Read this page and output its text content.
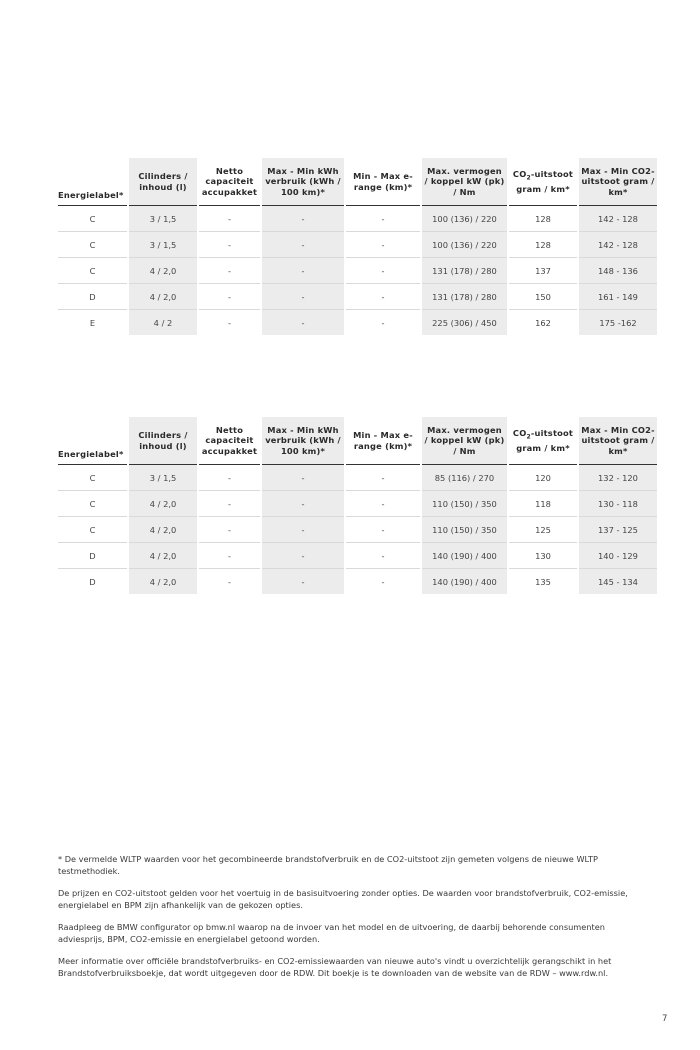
Energielabel*	Cilinders / inhoud (l)	Netto capaciteit accupakket	Max - Min kWh verbruik (kWh / 100 km)*	Min - Max e-range (km)*	Max. vermogen / koppel kW (pk) / Nm	$CO_2$-uitstoot
gram / km*	Max - Min CO2-uitstoot gram / km*
C	3 / 1,5	-	-	-	100 (136) / 220	128	142 - 128
C	3 / 1,5	-	-	-	100 (136) / 220	128	142 - 128
C	4 / 2,0	-	-	-	131 (178) / 280	137	148 - 136
D	4 / 2,0	-	-	-	131 (178) / 280	150	161 - 149
E	4 / 2	-	-	-	225 (306) / 450	162	175 -162
Energielabel*	Cilinders / inhoud (l)	Netto capaciteit accupakket	Max - Min kWh verbruik (kWh / 100 km)*	Min - Max e-range (km)*	Max. vermogen / koppel kW (pk) / Nm	$CO_2$-uitstoot
gram / km*	Max - Min CO2-uitstoot gram / km*
C	3 / 1,5	-	-	-	85 (116) / 270	120	132 - 120
C	4 / 2,0	-	-	-	110 (150) / 350	118	130 - 118
C	4 / 2,0	-	-	-	110 (150) / 350	125	137 - 125
D	4 / 2,0	-	-	-	140 (190) / 400	130	140 - 129
D	4 / 2,0	-	-	-	140 (190) / 400	135	145 - 134

* De vermelde WLTP waarden voor het gecombineerde brandstofverbruik en de CO2-uitstoot zijn gemeten volgens de nieuwe WLTP testmethodiek.

De prijzen en CO2-uitstoot gelden voor het voertuig in de basisuitvoering zonder opties. De waarden voor brandstofverbruik, CO2-emissie, energielabel en BPM zijn afhankelijk van de gekozen opties.

Raadpleeg de BMW configurator op bmw.nl waarop na de invoer van het model en de uitvoering, de daarbij behorende consumenten adviesprijs, BPM, CO2-emissie en energielabel getoond worden.

Meer informatie over officiële brandstofverbruiks- en CO2-emissiewaarden van nieuwe auto's vindt u overzichtelijk gerangschikt in het Brandstofverbruiksboekje, dat wordt uitgegeven door de RDW. Dit boekje is te downloaden van de website van de RDW – www.rdw.nl.

7
